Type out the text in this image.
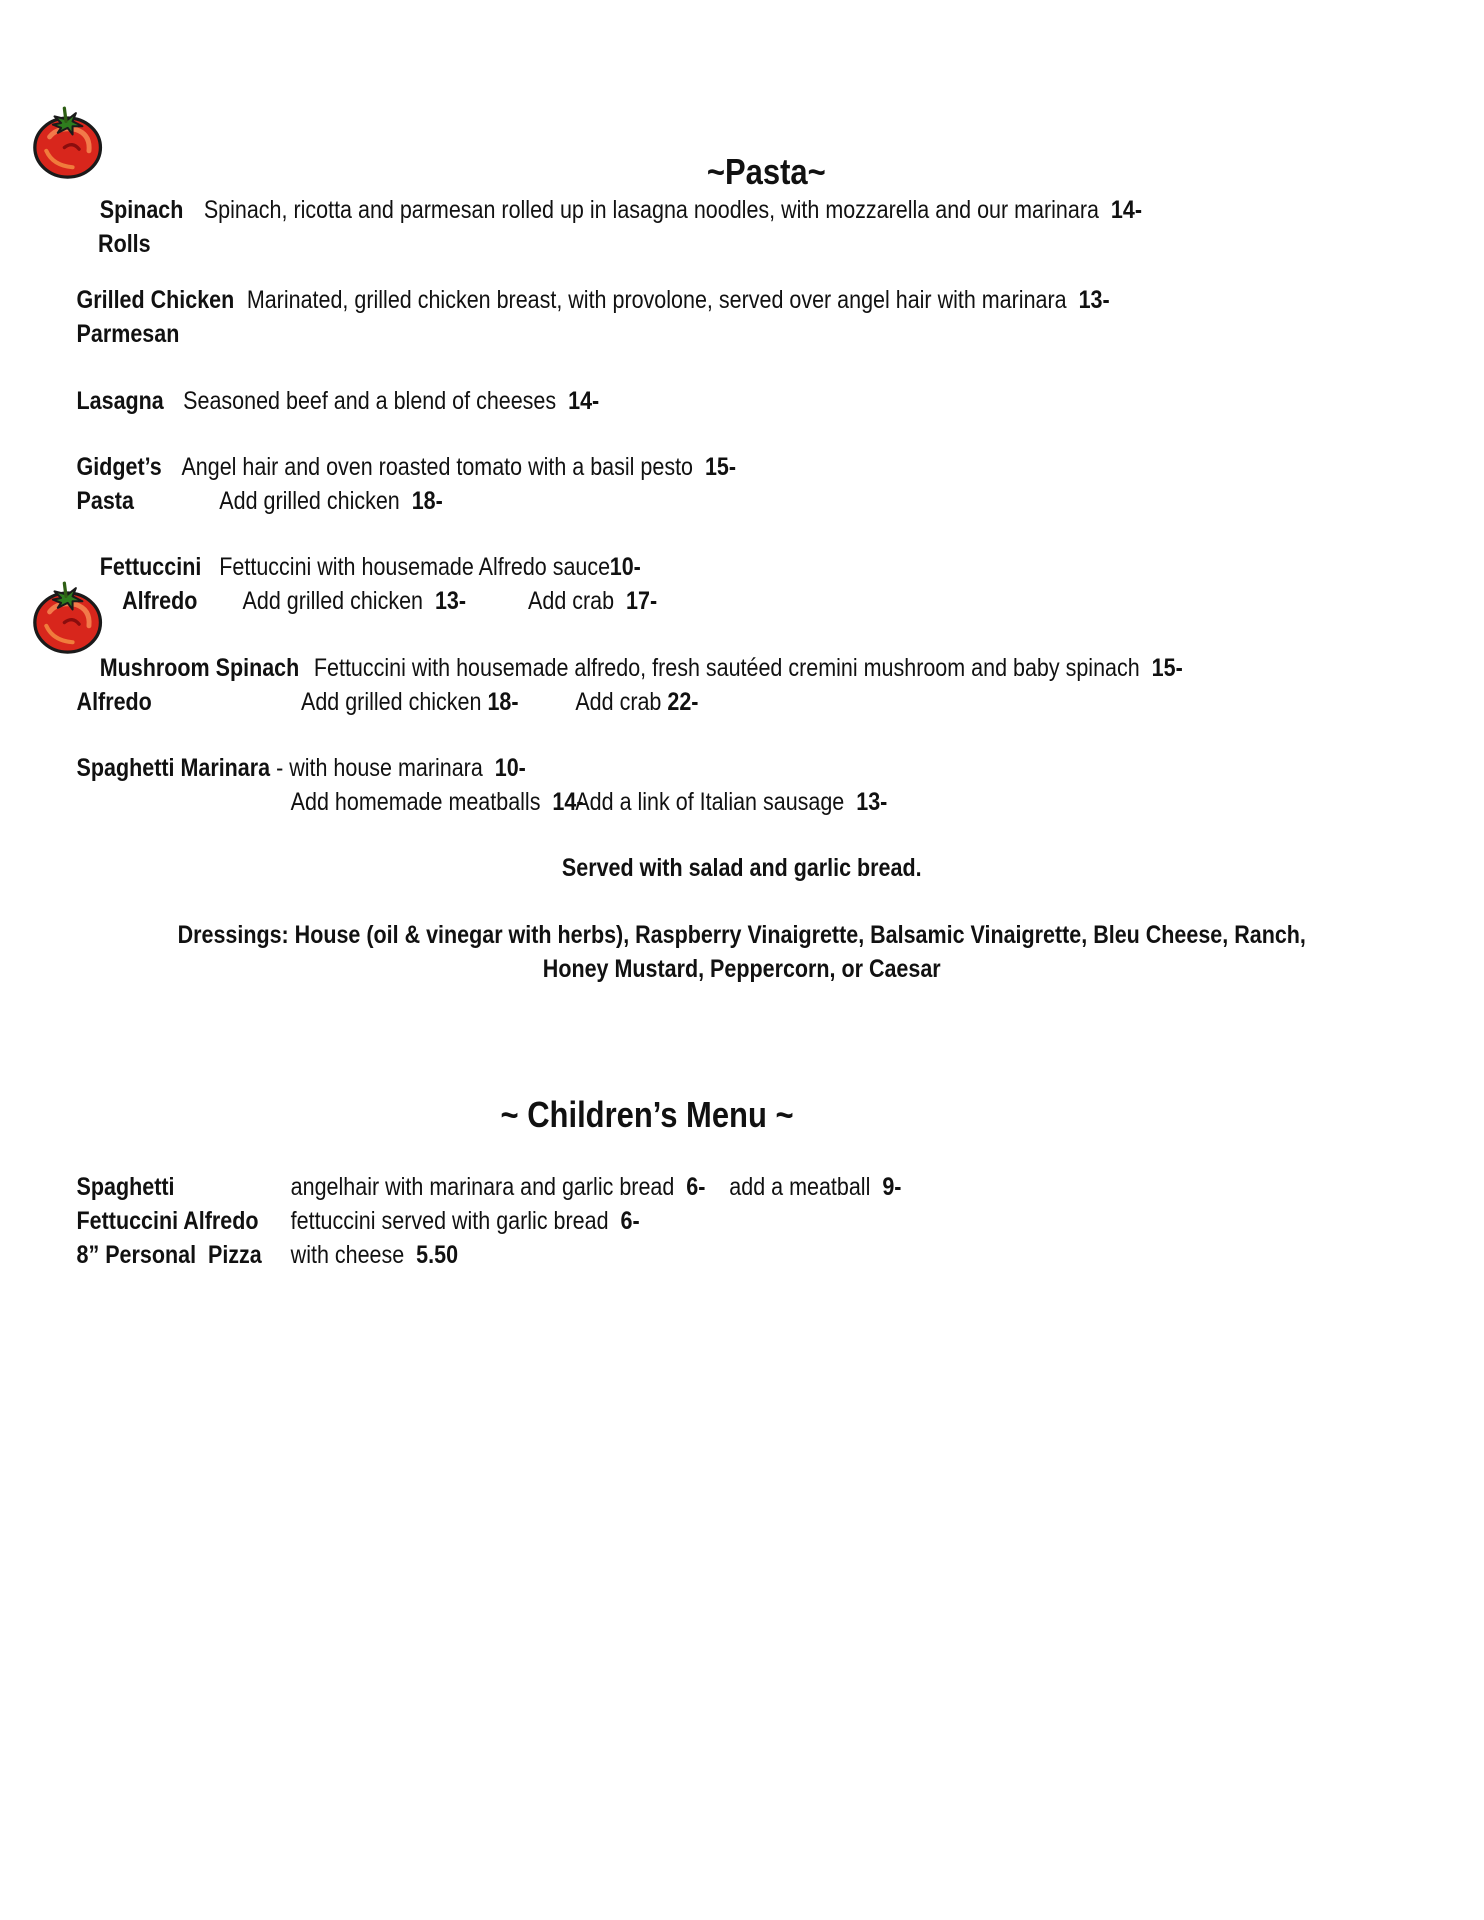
~Pasta~
Spinach
Rolls
Spinach, ricotta and parmesan rolled up in lasagna noodles, with mozzarella and our marinara 14-
Grilled Chicken
Parmesan
Marinated, grilled chicken breast, with provolone, served over angel hair with marinara 13-
Lasagna Seasoned beef and a blend of cheeses 14-
Gidget’s
Pasta
Angel hair and oven roasted tomato with a basil pesto 15-
Add grilled chicken 18-
Fettuccini
Alfredo
Fettuccini with housemade Alfredo sauce 10-
Add grilled chicken 13- Add crab 17-
Mushroom Spinach
Alfredo
Fettuccini with housemade alfredo, fresh sautéed cremini mushroom and baby spinach 15-
Add grilled chicken 18- Add crab 22-
Spaghetti Marinara - with house marinara 10-
Add homemade meatballs 14-
Add a link of Italian sausage 13-
Served with salad and garlic bread.
Dressings: House (oil & vinegar with herbs), Raspberry Vinaigrette, Balsamic Vinaigrette, Bleu Cheese, Ranch,
Honey Mustard, Peppercorn, or Caesar
~ Children’s Menu ~
Spaghetti	angelhair with marinara and garlic bread 6- add a meatball 9-
Fettuccini Alfredo fettuccini served with garlic bread 6-
8” Personal  Pizza with cheese 5.50
